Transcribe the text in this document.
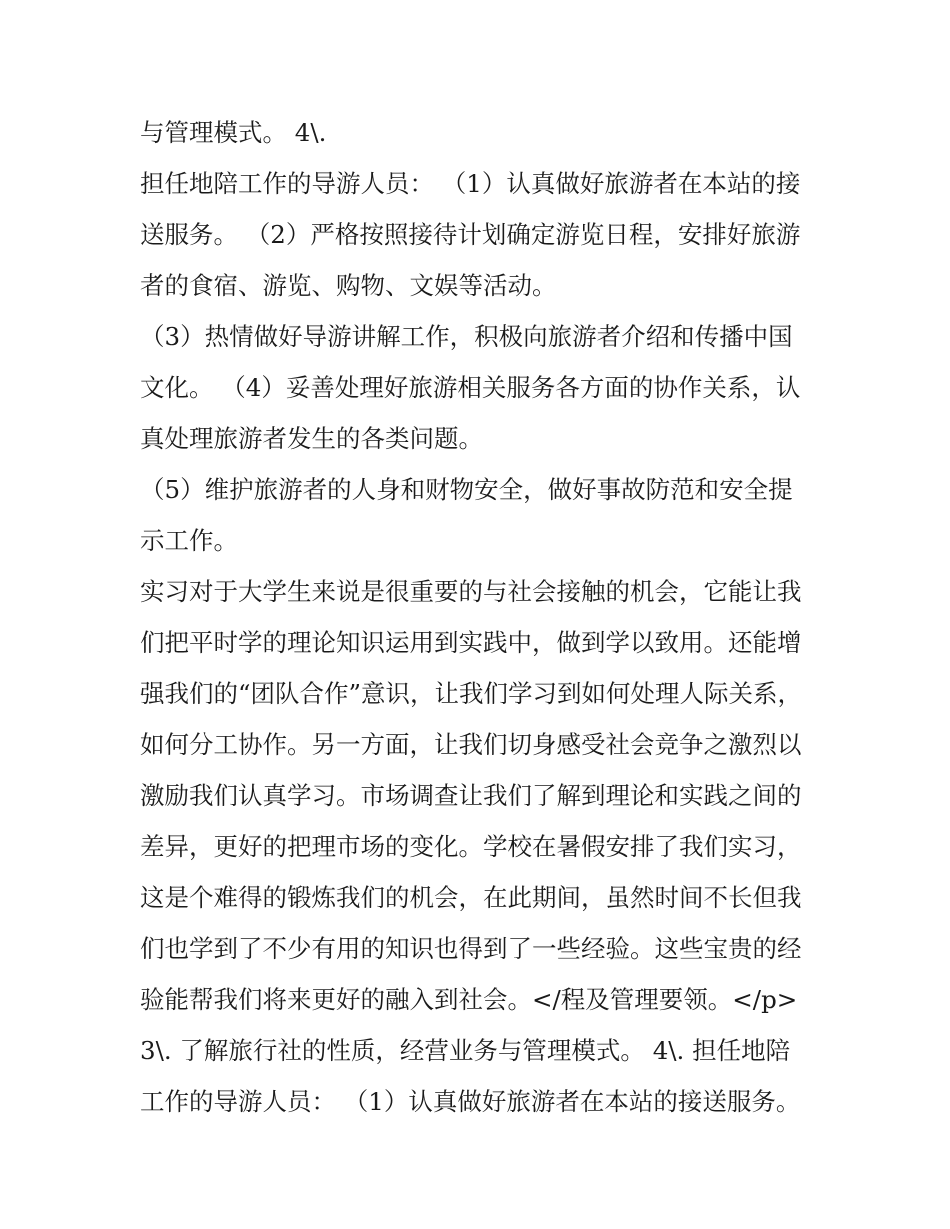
与管理模式。 4\.
担任地陪工作的导游人员： （1）认真做好旅游者在本站的接
送服务。 （2）严格按照接待计划确定游览日程，安排好旅游
者的食宿、游览、购物、文娱等活动。
（3）热情做好导游讲解工作，积极向旅游者介绍和传播中国
文化。 （4）妥善处理好旅游相关服务各方面的协作关系，认
真处理旅游者发生的各类问题。
（5）维护旅游者的人身和财物安全，做好事故防范和安全提
示工作。
实习对于大学生来说是很重要的与社会接触的机会，它能让我
们把平时学的理论知识运用到实践中，做到学以致用。还能增
强我们的“团队合作”意识，让我们学习到如何处理人际关系，
如何分工协作。另一方面，让我们切身感受社会竞争之激烈以
激励我们认真学习。市场调查让我们了解到理论和实践之间的
差异，更好的把理市场的变化。学校在暑假安排了我们实习，
这是个难得的锻炼我们的机会，在此期间，虽然时间不长但我
们也学到了不少有用的知识也得到了一些经验。这些宝贵的经
验能帮我们将来更好的融入到社会。</程及管理要领。</p>
3\. 了解旅行社的性质，经营业务与管理模式。 4\. 担任地陪
工作的导游人员： （1）认真做好旅游者在本站的接送服务。
